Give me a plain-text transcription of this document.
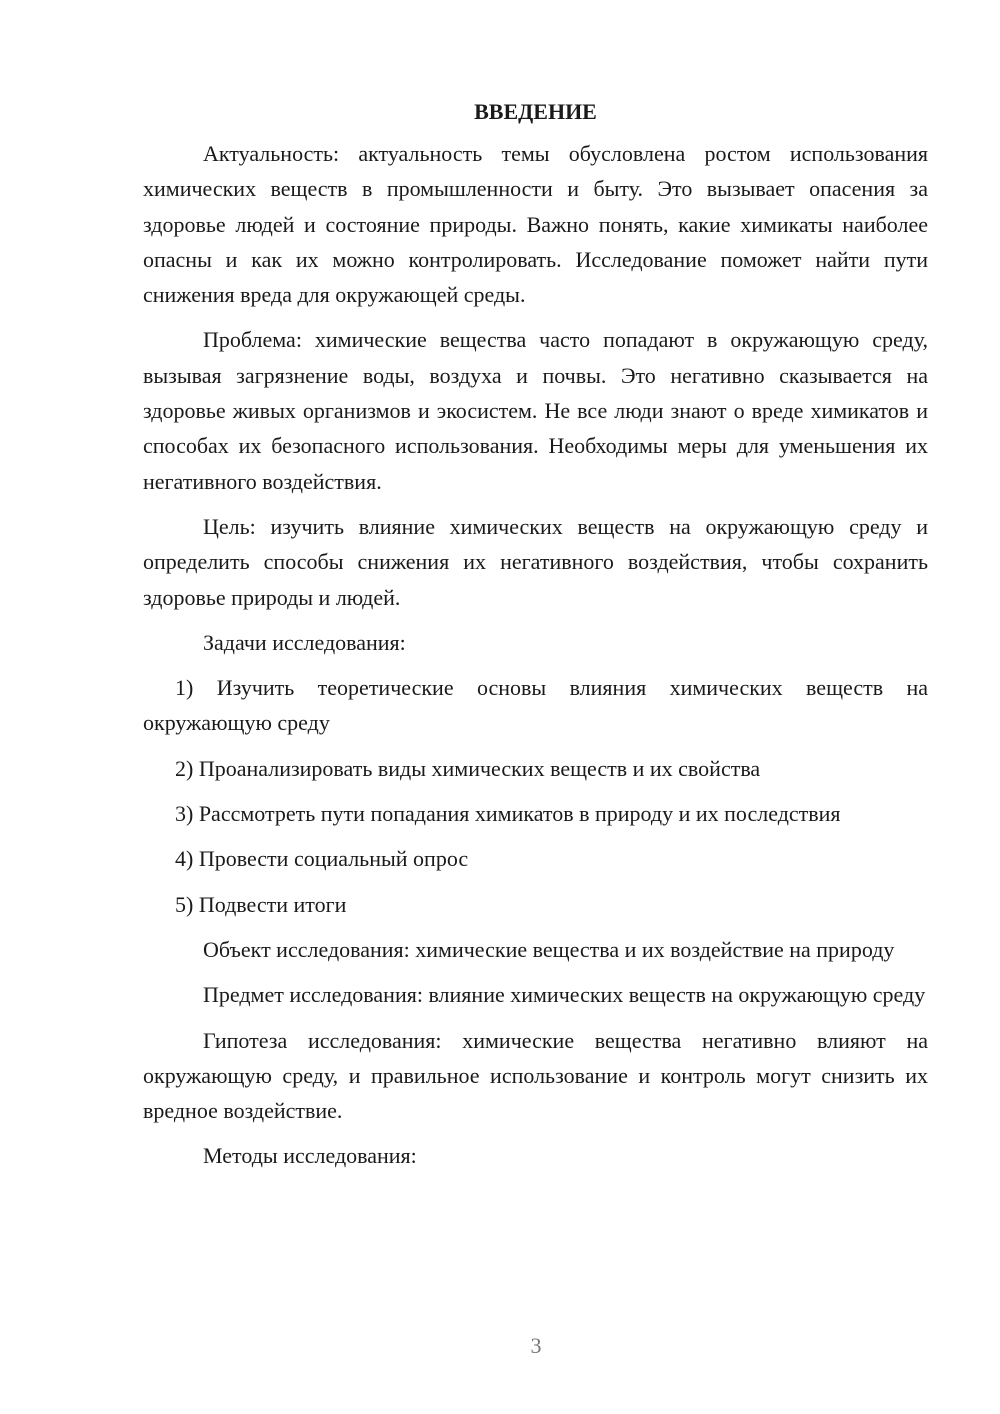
ВВЕДЕНИЕ

Актуальность: актуальность темы обусловлена ростом использования химических веществ в промышленности и быту. Это вызывает опасения за здоровье людей и состояние природы. Важно понять, какие химикаты наиболее опасны и как их можно контролировать. Исследование поможет найти пути снижения вреда для окружающей среды.

Проблема: химические вещества часто попадают в окружающую среду, вызывая загрязнение воды, воздуха и почвы. Это негативно сказывается на здоровье живых организмов и экосистем. Не все люди знают о вреде химикатов и способах их безопасного использования. Необходимы меры для уменьшения их негативного воздействия.

Цель: изучить влияние химических веществ на окружающую среду и определить способы снижения их негативного воздействия, чтобы сохранить здоровье природы и людей.

Задачи исследования:

1) Изучить теоретические основы влияния химических веществ на окружающую среду

2) Проанализировать виды химических веществ и их свойства

3) Рассмотреть пути попадания химикатов в природу и их последствия

4) Провести социальный опрос

5) Подвести итоги

Объект исследования: химические вещества и их воздействие на природу

Предмет исследования: влияние химических веществ на окружающую среду

Гипотеза исследования: химические вещества негативно влияют на окружающую среду, и правильное использование и контроль могут снизить их вредное воздействие.

Методы исследования:

3
